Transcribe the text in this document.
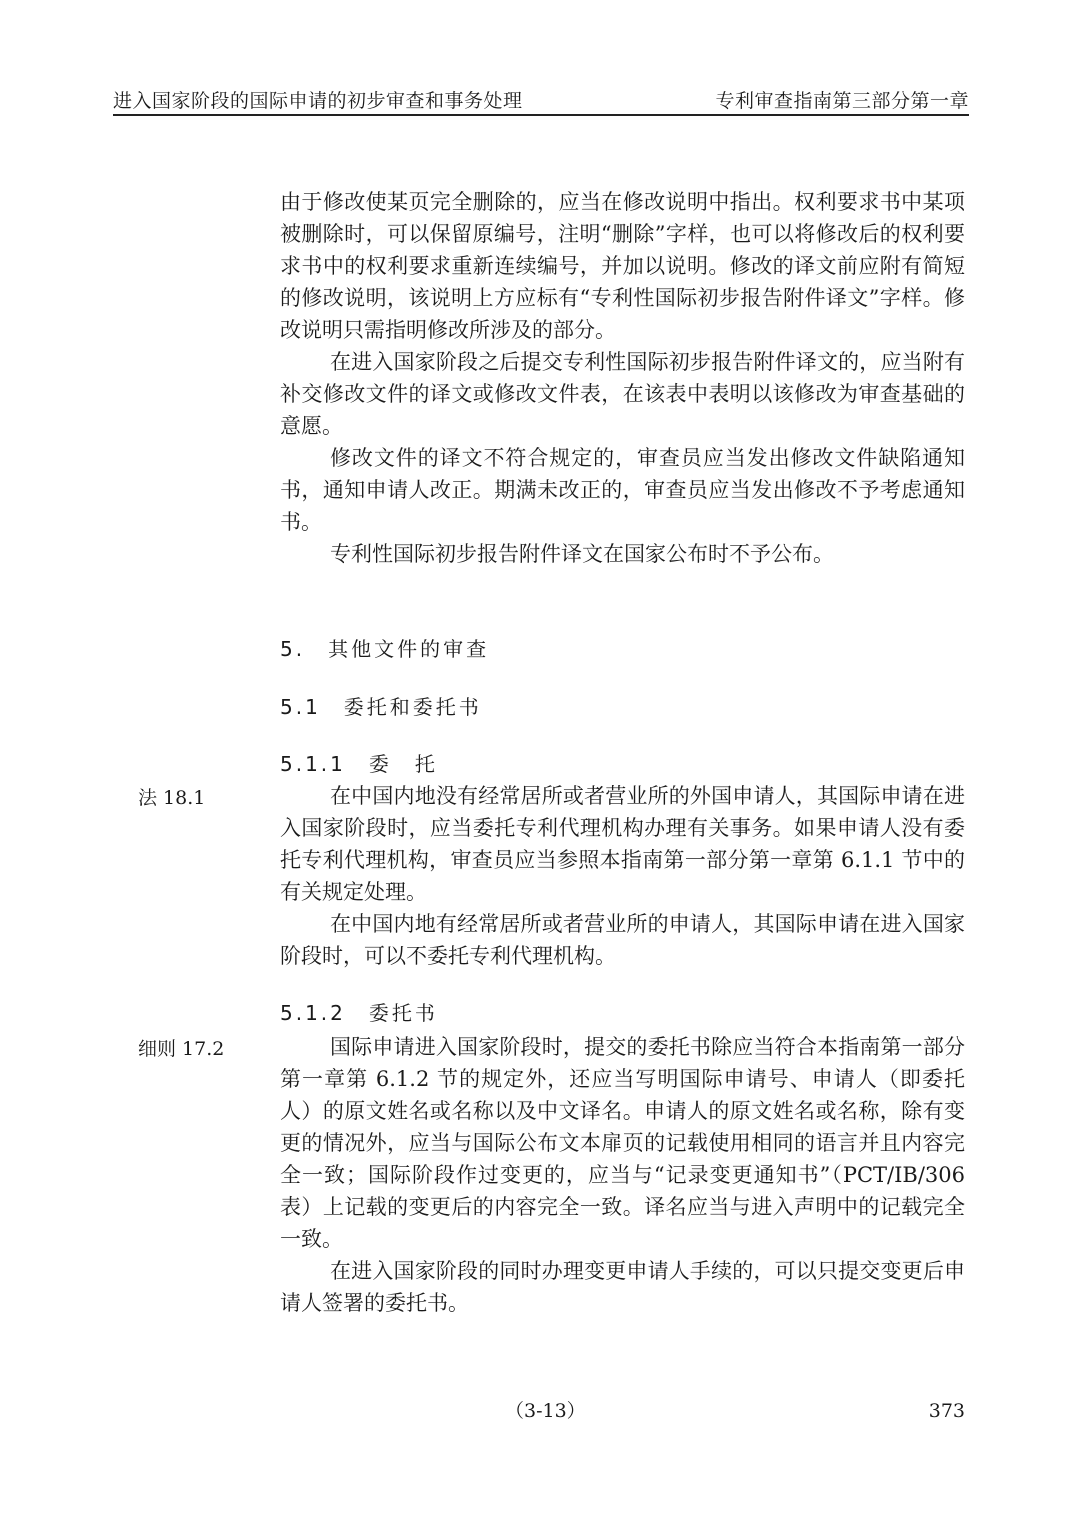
进入国家阶段的国际申请的初步审查和事务处理	专利审查指南第三部分第一章

由于修改使某页完全删除的，应当在修改说明中指出。权利要求书中某项被删除时，可以保留原编号，注明“删除”字样，也可以将修改后的权利要求书中的权利要求重新连续编号，并加以说明。修改的译文前应附有简短的修改说明，该说明上方应标有“专利性国际初步报告附件译文”字样。修改说明只需指明修改所涉及的部分。

在进入国家阶段之后提交专利性国际初步报告附件译文的，应当附有补交修改文件的译文或修改文件表，在该表中表明以该修改为审查基础的意愿。

修改文件的译文不符合规定的，审查员应当发出修改文件缺陷通知书，通知申请人改正。期满未改正的，审查员应当发出修改不予考虑通知书。

专利性国际初步报告附件译文在国家公布时不予公布。

5.　其他文件的审查
5.1　委托和委托书
5.1.1　委　托
法 18.1	在中国内地没有经常居所或者营业所的外国申请人，其国际申请在进入国家阶段时，应当委托专利代理机构办理有关事务。如果申请人没有委托专利代理机构，审查员应当参照本指南第一部分第一章第 6.1.1 节中的有关规定处理。

在中国内地有经常居所或者营业所的申请人，其国际申请在进入国家阶段时，可以不委托专利代理机构。

5.1.2　委托书
细则 17.2	国际申请进入国家阶段时，提交的委托书除应当符合本指南第一部分第一章第 6.1.2 节的规定外，还应当写明国际申请号、申请人（即委托人）的原文姓名或名称以及中文译名。申请人的原文姓名或名称，除有变更的情况外，应当与国际公布文本扉页的记载使用相同的语言并且内容完全一致；国际阶段作过变更的，应当与“记录变更通知书”（PCT/IB/306 表）上记载的变更后的内容完全一致。译名应当与进入声明中的记载完全一致。

在进入国家阶段的同时办理变更申请人手续的，可以只提交变更后申请人签署的委托书。

（3-13）	373
